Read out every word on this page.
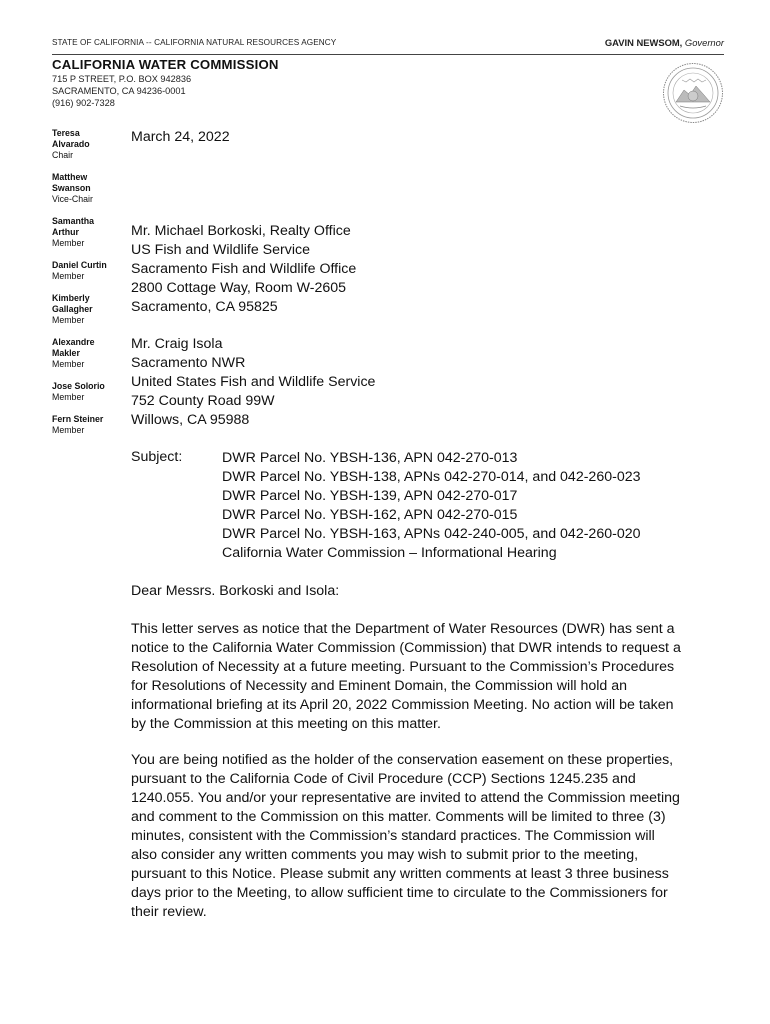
STATE OF CALIFORNIA -- CALIFORNIA NATURAL RESOURCES AGENCY	GAVIN NEWSOM, Governor
CALIFORNIA WATER COMMISSION
715 P STREET, P.O. BOX 942836
SACRAMENTO, CA 94236-0001
(916) 902-7328
Teresa
Alvarado
Chair
Matthew
Swanson
Vice-Chair
Samantha
Arthur
Member
Daniel Curtin
Member
Kimberly
Gallagher
Member
Alexandre
Makler
Member
Jose Solorio
Member
Fern Steiner
Member
March 24, 2022
Mr. Michael Borkoski, Realty Office
US Fish and Wildlife Service
Sacramento Fish and Wildlife Office
2800 Cottage Way, Room W-2605
Sacramento, CA 95825
Mr. Craig Isola
Sacramento NWR
United States Fish and Wildlife Service
752 County Road 99W
Willows, CA 95988
Subject:	DWR Parcel No. YBSH-136, APN 042-270-013
DWR Parcel No. YBSH-138, APNs 042-270-014, and 042-260-023
DWR Parcel No. YBSH-139, APN 042-270-017
DWR Parcel No. YBSH-162, APN 042-270-015
DWR Parcel No. YBSH-163, APNs 042-240-005, and 042-260-020
California Water Commission – Informational Hearing
Dear Messrs. Borkoski and Isola:
This letter serves as notice that the Department of Water Resources (DWR) has sent a
notice to the California Water Commission (Commission) that DWR intends to request a
Resolution of Necessity at a future meeting. Pursuant to the Commission’s Procedures
for Resolutions of Necessity and Eminent Domain, the Commission will hold an
informational briefing at its April 20, 2022 Commission Meeting. No action will be taken
by the Commission at this meeting on this matter.
You are being notified as the holder of the conservation easement on these properties,
pursuant to the California Code of Civil Procedure (CCP) Sections 1245.235 and
1240.055. You and/or your representative are invited to attend the Commission meeting
and comment to the Commission on this matter. Comments will be limited to three (3)
minutes, consistent with the Commission’s standard practices. The Commission will
also consider any written comments you may wish to submit prior to the meeting,
pursuant to this Notice. Please submit any written comments at least 3 three business
days prior to the Meeting, to allow sufficient time to circulate to the Commissioners for
their review.
